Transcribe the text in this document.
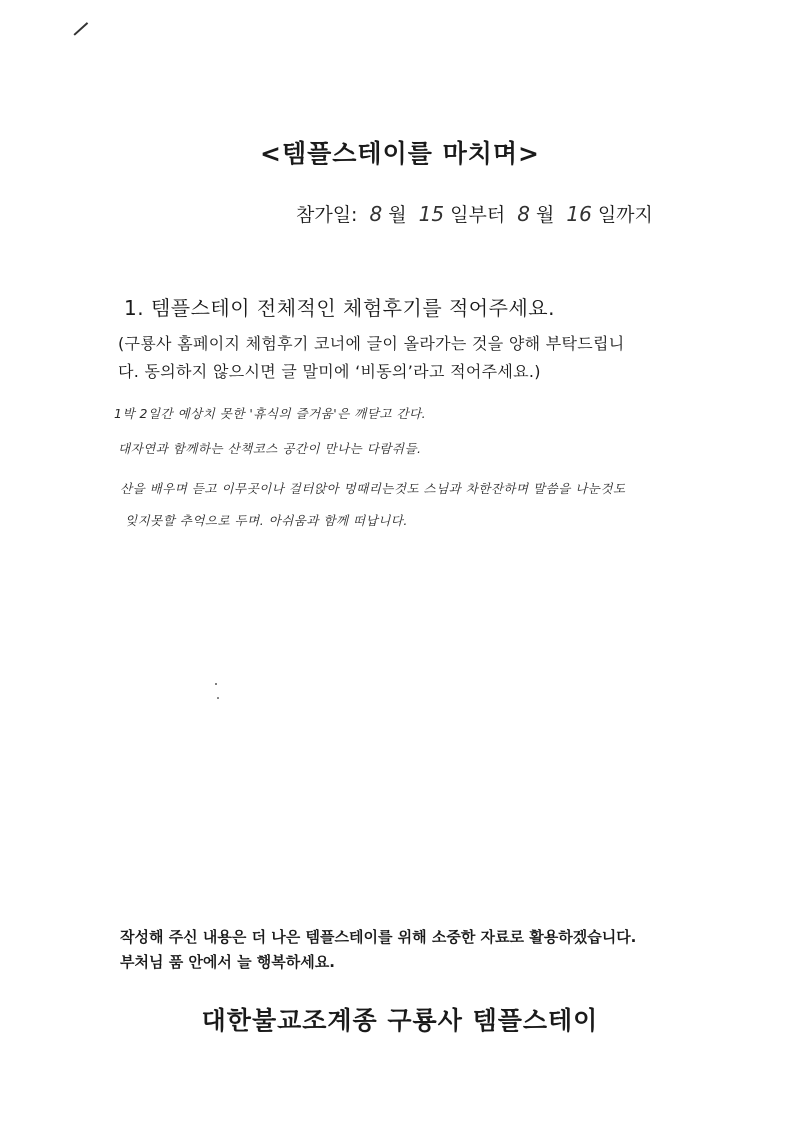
<템플스테이를 마치며>
참가일: 8 월 15 일부터 8 월 16 일까지
1. 템플스테이 전체적인 체험후기를 적어주세요.
(구룡사 홈페이지 체험후기 코너에 글이 올라가는 것을 양해 부탁드립니
다. 동의하지 않으시면 글 말미에 ‘비동의’라고 적어주세요.)
1박 2일간 예상치 못한 '휴식의 즐거움'은 깨닫고 간다.
대자연과 함께하는 산책코스 공간이 만나는 다람쥐들.
산을 배우며 듣고 이무곳이나 걸터앉아 멍때리는것도 스님과 차한잔하며 말씀을 나눈것도
잊지못할 추억으로 두며. 아쉬움과 함께 떠납니다.
작성해 주신 내용은 더 나은 템플스테이를 위해 소중한 자료로 활용하겠습니다.
부처님 품 안에서 늘 행복하세요.
대한불교조계종 구룡사 템플스테이
